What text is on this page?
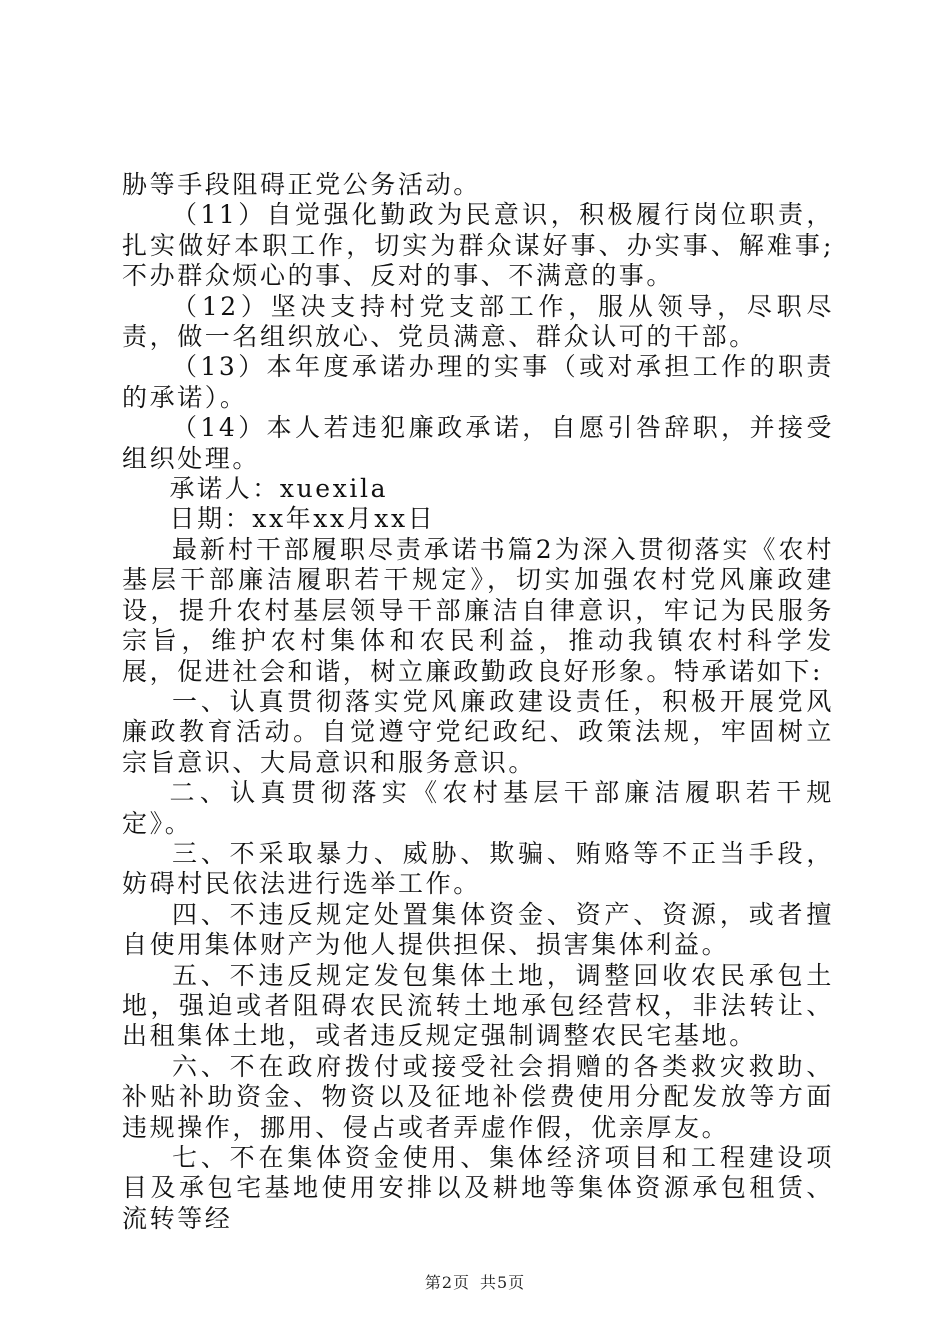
胁等手段阻碍正党公务活动。

（11）自觉强化勤政为民意识，积极履行岗位职责，扎实做好本职工作，切实为群众谋好事、办实事、解难事;不办群众烦心的事、反对的事、不满意的事。

（12）坚决支持村党支部工作，服从领导，尽职尽责，做一名组织放心、党员满意、群众认可的干部。

（13）本年度承诺办理的实事（或对承担工作的职责的承诺）。

（14）本人若违犯廉政承诺，自愿引咎辞职，并接受组织处理。

承诺人：xuexila

日期：xx年xx月xx日

最新村干部履职尽责承诺书篇2为深入贯彻落实《农村基层干部廉洁履职若干规定》，切实加强农村党风廉政建设，提升农村基层领导干部廉洁自律意识，牢记为民服务宗旨，维护农村集体和农民利益，推动我镇农村科学发展，促进社会和谐，树立廉政勤政良好形象。特承诺如下:

一、认真贯彻落实党风廉政建设责任，积极开展党风廉政教育活动。自觉遵守党纪政纪、政策法规，牢固树立宗旨意识、大局意识和服务意识。

二、认真贯彻落实《农村基层干部廉洁履职若干规定》。

三、不采取暴力、威胁、欺骗、贿赂等不正当手段，妨碍村民依法进行选举工作。

四、不违反规定处置集体资金、资产、资源，或者擅自使用集体财产为他人提供担保、损害集体利益。

五、不违反规定发包集体土地，调整回收农民承包土地，强迫或者阻碍农民流转土地承包经营权，非法转让、出租集体土地，或者违反规定强制调整农民宅基地。

六、不在政府拨付或接受社会捐赠的各类救灾救助、补贴补助资金、物资以及征地补偿费使用分配发放等方面违规操作，挪用、侵占或者弄虚作假，优亲厚友。

七、不在集体资金使用、集体经济项目和工程建设项目及承包宅基地使用安排以及耕地等集体资源承包租赁、流转等经

第2页 共5页
